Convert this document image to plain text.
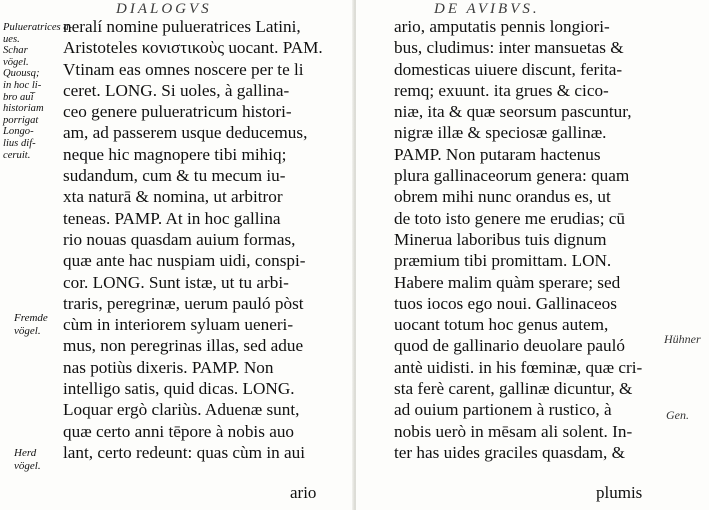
DIALOGVS
Pulueratrices a-
ues.
Schar
vögel.
Quousq;
in hoc li-
bro aui̅
historiam
porrigat
Longo-
lius dif-
ceruit.
Fremde
vögel.
Herd
vögel.
neralí nomine pulueratrices Latini,
Aristoteles κονιστικοὺς uocant. PAM.
Vtinam eas omnes noscere per te li
ceret. LONG. Si uoles, à gallina-
ceo genere pulueratricum histori-
am, ad passerem usque deducemus,
neque hic magnopere tibi mihiq;
sudandum, cum & tu mecum iu-
xta naturā & nomina, ut arbitror
teneas. PAMP. At in hoc gallina
rio nouas quasdam auium formas,
quæ ante hac nuspiam uidi, conspi-
cor. LONG. Sunt istæ, ut tu arbi-
traris, peregrinæ, uerum pauló pòst
cùm in interiorem syluam ueneri-
mus, non peregrinas illas, sed adue
nas potiùs dixeris. PAMP. Non
intelligo satis, quid dicas. LONG.
Loquar ergò clariùs. Aduenæ sunt,
quæ certo anni tēpore à nobis auo
lant, certo redeunt: quas cùm in aui
ario
DE AVIBVS.
ario, amputatis pennis longiori-
bus, cludimus: inter mansuetas &
domesticas uiuere discunt, ferita-
remq; exuunt. ita grues & cico-
niæ, ita & quæ seorsum pascuntur,
nigræ illæ & speciosæ gallinæ.
PAMP. Non putaram hactenus
plura gallinaceorum genera: quam
obrem mihi nunc orandus es, ut
de toto isto genere me erudias; cū
Minerua laboribus tuis dignum
præmium tibi promittam. LON.
Habere malim quàm sperare; sed
tuos iocos ego noui. Gallinaceos
uocant totum hoc genus autem,
quod de gallinario deuolare pauló
antè uidisti. in his fœminæ, quæ cri-
sta ferè carent, gallinæ dicuntur, &
ad ouium partionem à rustico, à
nobis uerò in mēsam ali solent. In-
ter has uides graciles quasdam, &
Hühner
Gen.
plumis
